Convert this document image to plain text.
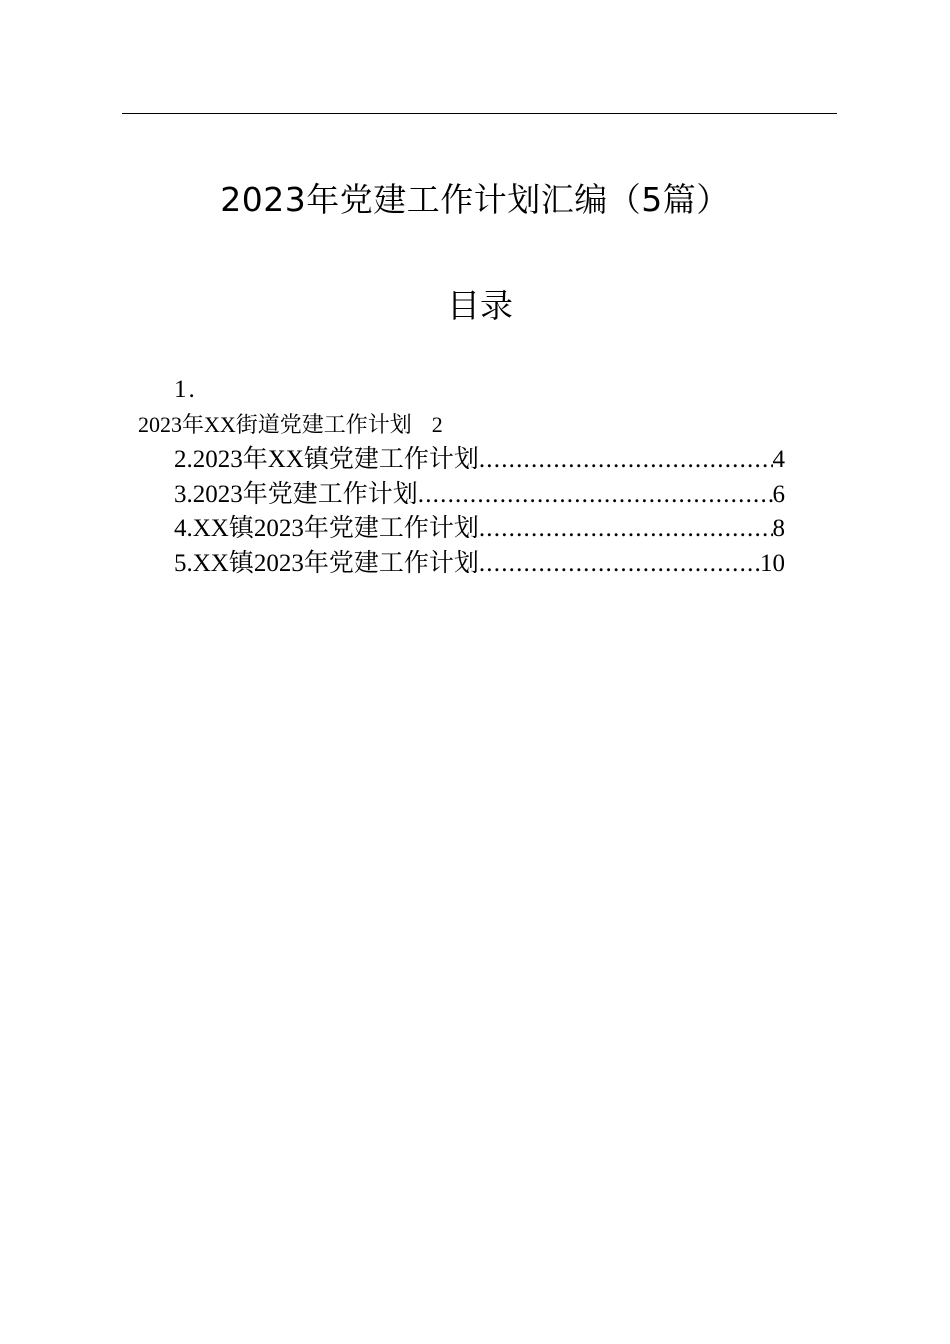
2023年党建工作计划汇编（5篇）
目录
1.
2023年XX街道党建工作计划 2
2.2023年XX镇党建工作计划 .....	4
3.2023年党建工作计划 .....	6
4.XX镇2023年党建工作计划 .....	8
5.XX镇2023年党建工作计划 .....	10
